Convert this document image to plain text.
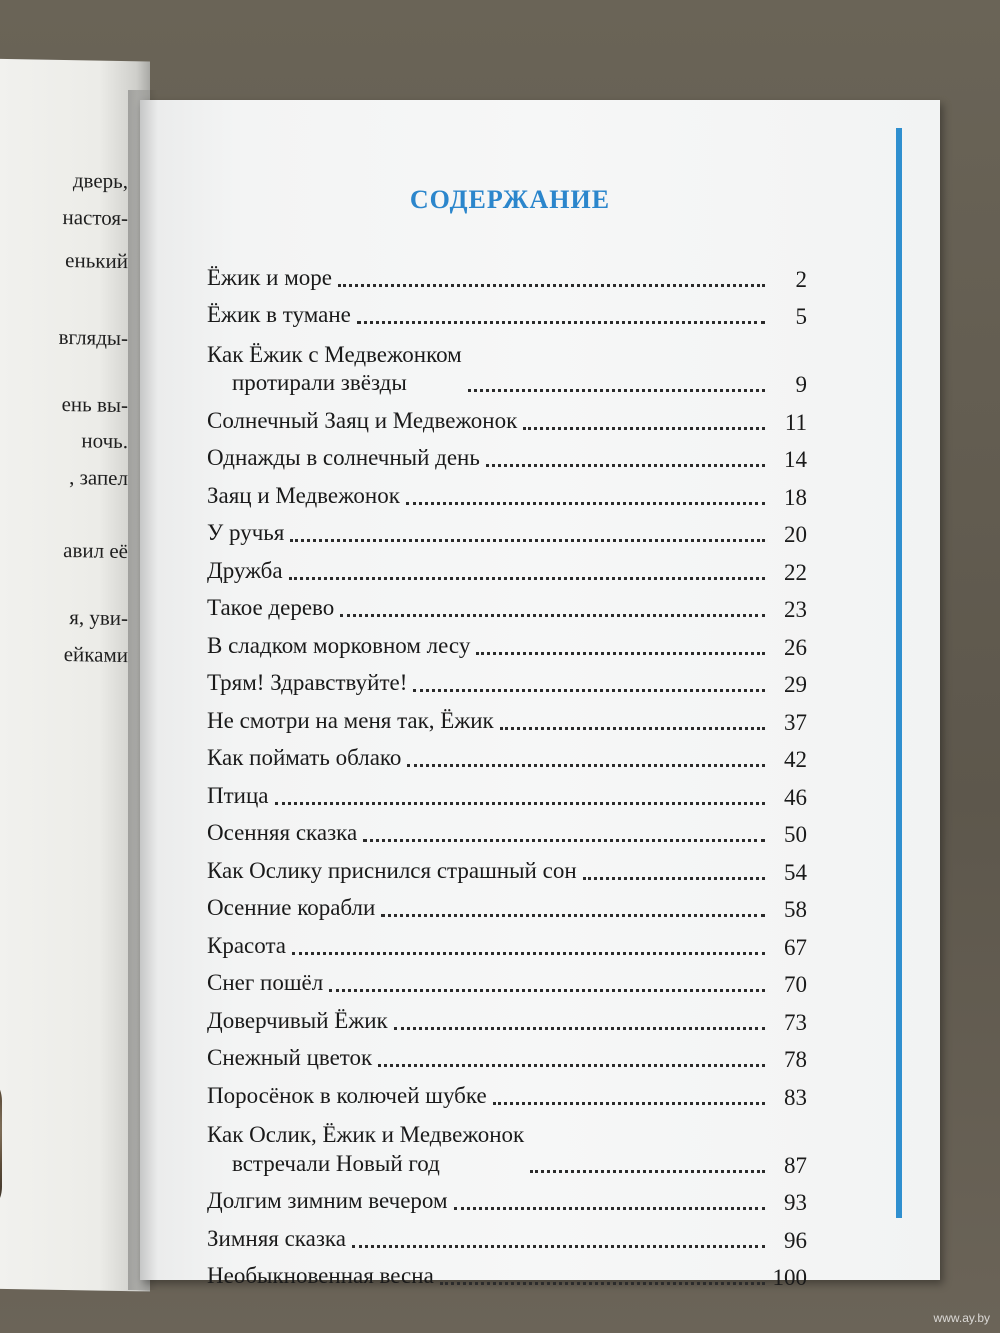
дверь,
настоя-
енький
вгляды-
ень вы-
ночь.
, запел
авил её
я, уви-
ейками
СОДЕРЖАНИЕ
Ёжик и море	2
Ёжик в тумане	5
Как Ёжик с Медвежонком
протирали звёзды	9
Солнечный Заяц и Медвежонок	11
Однажды в солнечный день	14
Заяц и Медвежонок	18
У ручья	20
Дружба	22
Такое дерево	23
В сладком морковном лесу	26
Трям! Здравствуйте!	29
Не смотри на меня так, Ёжик	37
Как поймать облако	42
Птица	46
Осенняя сказка	50
Как Ослику приснился страшный сон	54
Осенние корабли	58
Красота	67
Снег пошёл	70
Доверчивый Ёжик	73
Снежный цветок	78
Поросёнок в колючей шубке	83
Как Ослик, Ёжик и Медвежонок
встречали Новый год	87
Долгим зимним вечером	93
Зимняя сказка	96
Необыкновенная весна	100
www.ay.by
